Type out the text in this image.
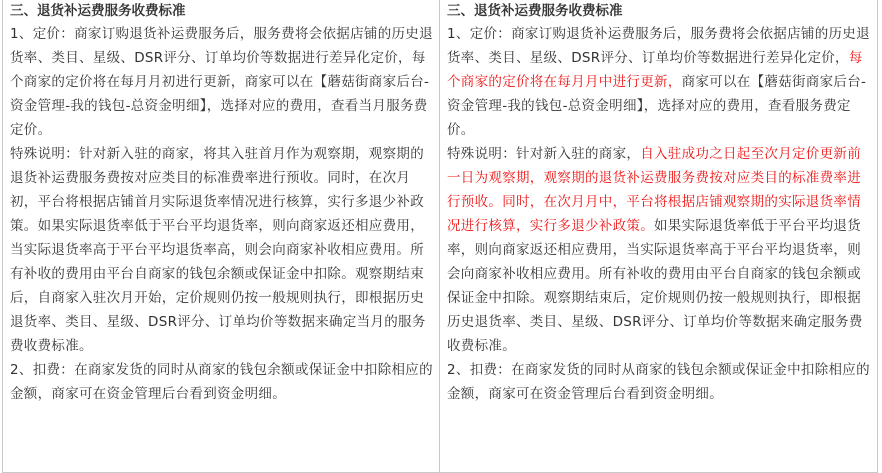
三、退货补运费服务收费标准

1、定价：商家订购退货补运费服务后，服务费将会依据店铺的历史退货率、类目、星级、DSR评分、订单均价等数据进行差异化定价，每个商家的定价将在每月月初进行更新，商家可以在【蘑菇街商家后台-资金管理-我的钱包-总资金明细】，选择对应的费用，查看当月服务费定价。

特殊说明：针对新入驻的商家，将其入驻首月作为观察期，观察期的退货补运费服务费按对应类目的标准费率进行预收。同时，在次月初，平台将根据店铺首月实际退货率情况进行核算，实行多退少补政策。如果实际退货率低于平台平均退货率，则向商家返还相应费用，当实际退货率高于平台平均退货率高，则会向商家补收相应费用。所有补收的费用由平台自商家的钱包余额或保证金中扣除。观察期结束后，自商家入驻次月开始，定价规则仍按一般规则执行，即根据历史退货率、类目、星级、DSR评分、订单均价等数据来确定当月的服务费收费标准。

2、扣费：在商家发货的同时从商家的钱包余额或保证金中扣除相应的金额，商家可在资金管理后台看到资金明细。

三、退货补运费服务收费标准

1、定价：商家订购退货补运费服务后，服务费将会依据店铺的历史退货率、类目、星级、DSR评分、订单均价等数据进行差异化定价，每个商家的定价将在每月月中进行更新，商家可以在【蘑菇街商家后台-资金管理-我的钱包-总资金明细】，选择对应的费用，查看服务费定价。

特殊说明：针对新入驻的商家，自入驻成功之日起至次月定价更新前一日为观察期，观察期的退货补运费服务费按对应类目的标准费率进行预收。同时，在次月月中，平台将根据店铺观察期的实际退货率情况进行核算，实行多退少补政策。如果实际退货率低于平台平均退货率，则向商家返还相应费用，当实际退货率高于平台平均退货率，则会向商家补收相应费用。所有补收的费用由平台自商家的钱包余额或保证金中扣除。观察期结束后，定价规则仍按一般规则执行，即根据历史退货率、类目、星级、DSR评分、订单均价等数据来确定服务费收费标准。

2、扣费：在商家发货的同时从商家的钱包余额或保证金中扣除相应的金额，商家可在资金管理后台看到资金明细。
